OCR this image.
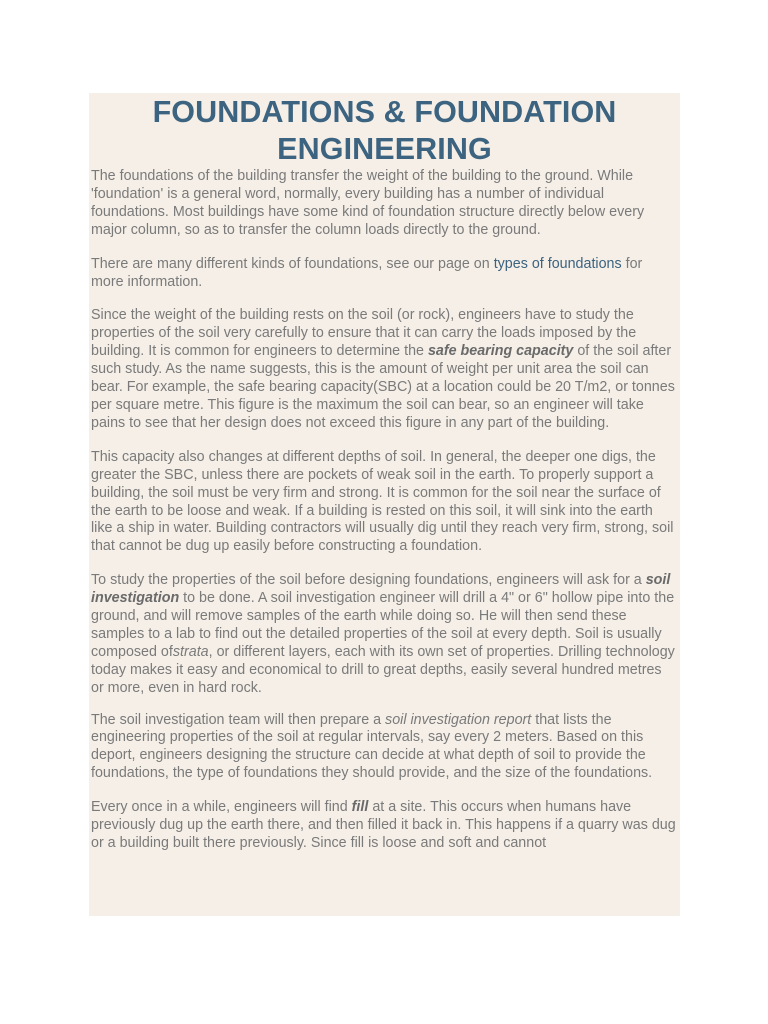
FOUNDATIONS & FOUNDATION
ENGINEERING

The foundations of the building transfer the weight of the building to the ground. While 'foundation' is a general word, normally, every building has a number of individual foundations. Most buildings have some kind of foundation structure directly below every major column, so as to transfer the column loads directly to the ground.

There are many different kinds of foundations, see our page on types of foundations for more information.

Since the weight of the building rests on the soil (or rock), engineers have to study the properties of the soil very carefully to ensure that it can carry the loads imposed by the building. It is common for engineers to determine the safe bearing capacity of the soil after such study. As the name suggests, this is the amount of weight per unit area the soil can bear. For example, the safe bearing capacity(SBC) at a location could be 20 T/m2, or tonnes per square metre. This figure is the maximum the soil can bear, so an engineer will take pains to see that her design does not exceed this figure in any part of the building.

This capacity also changes at different depths of soil. In general, the deeper one digs, the greater the SBC, unless there are pockets of weak soil in the earth. To properly support a building, the soil must be very firm and strong. It is common for the soil near the surface of the earth to be loose and weak. If a building is rested on this soil, it will sink into the earth like a ship in water. Building contractors will usually dig until they reach very firm, strong, soil that cannot be dug up easily before constructing a foundation.

To study the properties of the soil before designing foundations, engineers will ask for a soil investigation to be done. A soil investigation engineer will drill a 4" or 6" hollow pipe into the ground, and will remove samples of the earth while doing so. He will then send these samples to a lab to find out the detailed properties of the soil at every depth. Soil is usually composed ofstrata, or different layers, each with its own set of properties. Drilling technology today makes it easy and economical to drill to great depths, easily several hundred metres or more, even in hard rock.

The soil investigation team will then prepare a soil investigation report that lists the engineering properties of the soil at regular intervals, say every 2 meters. Based on this deport, engineers designing the structure can decide at what depth of soil to provide the foundations, the type of foundations they should provide, and the size of the foundations.

Every once in a while, engineers will find fill at a site. This occurs when humans have previously dug up the earth there, and then filled it back in. This happens if a quarry was dug or a building built there previously. Since fill is loose and soft and cannot
